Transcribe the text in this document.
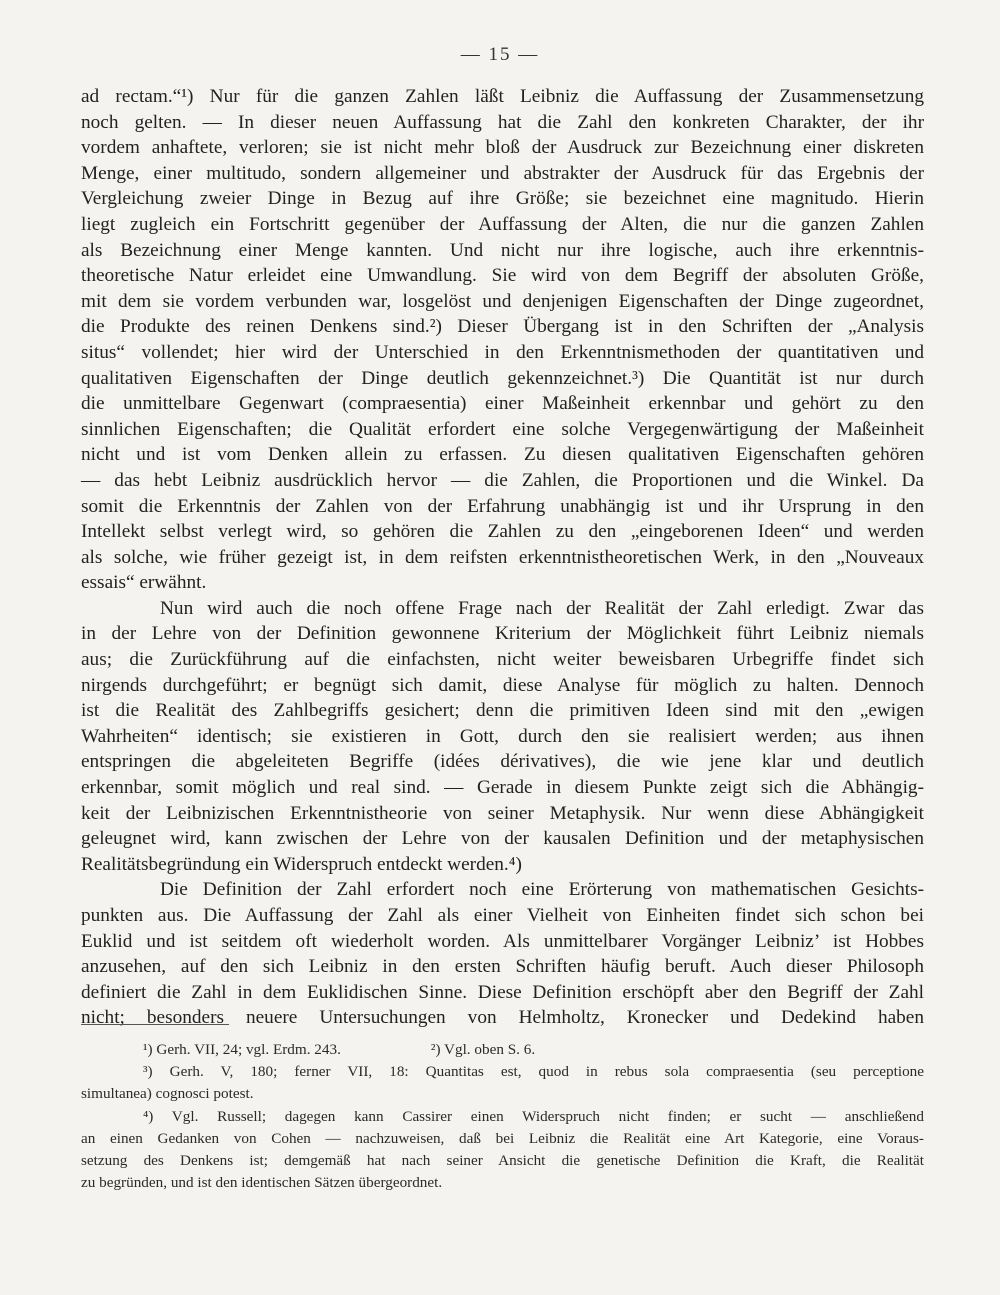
— 15 —
ad rectam.“¹) Nur für die ganzen Zahlen läßt Leibniz die Auffassung der Zusammensetzung
noch gelten. — In dieser neuen Auffassung hat die Zahl den konkreten Charakter, der ihr
vordem anhaftete, verloren; sie ist nicht mehr bloß der Ausdruck zur Bezeichnung einer diskreten
Menge, einer multitudo, sondern allgemeiner und abstrakter der Ausdruck für das Ergebnis der
Vergleichung zweier Dinge in Bezug auf ihre Größe; sie bezeichnet eine magnitudo. Hierin
liegt zugleich ein Fortschritt gegenüber der Auffassung der Alten, die nur die ganzen Zahlen
als Bezeichnung einer Menge kannten. Und nicht nur ihre logische, auch ihre erkenntnis-
theoretische Natur erleidet eine Umwandlung. Sie wird von dem Begriff der absoluten Größe,
mit dem sie vordem verbunden war, losgelöst und denjenigen Eigenschaften der Dinge zugeordnet,
die Produkte des reinen Denkens sind.²) Dieser Übergang ist in den Schriften der „Analysis
situs“ vollendet; hier wird der Unterschied in den Erkenntnismethoden der quantitativen und
qualitativen Eigenschaften der Dinge deutlich gekennzeichnet.³) Die Quantität ist nur durch
die unmittelbare Gegenwart (compraesentia) einer Maßeinheit erkennbar und gehört zu den
sinnlichen Eigenschaften; die Qualität erfordert eine solche Vergegenwärtigung der Maßeinheit
nicht und ist vom Denken allein zu erfassen. Zu diesen qualitativen Eigenschaften gehören
— das hebt Leibniz ausdrücklich hervor — die Zahlen, die Proportionen und die Winkel. Da
somit die Erkenntnis der Zahlen von der Erfahrung unabhängig ist und ihr Ursprung in den
Intellekt selbst verlegt wird, so gehören die Zahlen zu den „eingeborenen Ideen“ und werden
als solche, wie früher gezeigt ist, in dem reifsten erkenntnistheoretischen Werk, in den „Nouveaux
essais“ erwähnt.
Nun wird auch die noch offene Frage nach der Realität der Zahl erledigt. Zwar das
in der Lehre von der Definition gewonnene Kriterium der Möglichkeit führt Leibniz niemals
aus; die Zurückführung auf die einfachsten, nicht weiter beweisbaren Urbegriffe findet sich
nirgends durchgeführt; er begnügt sich damit, diese Analyse für möglich zu halten. Dennoch
ist die Realität des Zahlbegriffs gesichert; denn die primitiven Ideen sind mit den „ewigen
Wahrheiten“ identisch; sie existieren in Gott, durch den sie realisiert werden; aus ihnen
entspringen die abgeleiteten Begriffe (idées dérivatives), die wie jene klar und deutlich
erkennbar, somit möglich und real sind. — Gerade in diesem Punkte zeigt sich die Abhängig-
keit der Leibnizischen Erkenntnistheorie von seiner Metaphysik. Nur wenn diese Abhängigkeit
geleugnet wird, kann zwischen der Lehre von der kausalen Definition und der metaphysischen
Realitätsbegründung ein Widerspruch entdeckt werden.⁴)
Die Definition der Zahl erfordert noch eine Erörterung von mathematischen Gesichts-
punkten aus. Die Auffassung der Zahl als einer Vielheit von Einheiten findet sich schon bei
Euklid und ist seitdem oft wiederholt worden. Als unmittelbarer Vorgänger Leibniz’ ist Hobbes
anzusehen, auf den sich Leibniz in den ersten Schriften häufig beruft. Auch dieser Philosoph
definiert die Zahl in dem Euklidischen Sinne. Diese Definition erschöpft aber den Begriff der Zahl
nicht; besonders neuere Untersuchungen von Helmholtz, Kronecker und Dedekind haben
¹) Gerh. VII, 24; vgl. Erdm. 243.	²) Vgl. oben S. 6.
³) Gerh. V, 180; ferner VII, 18: Quantitas est, quod in rebus sola compraesentia (seu perceptione
simultanea) cognosci potest.
⁴) Vgl. Russell; dagegen kann Cassirer einen Widerspruch nicht finden; er sucht — anschließend
an einen Gedanken von Cohen — nachzuweisen, daß bei Leibniz die Realität eine Art Kategorie, eine Voraus-
setzung des Denkens ist; demgemäß hat nach seiner Ansicht die genetische Definition die Kraft, die Realität
zu begründen, und ist den identischen Sätzen übergeordnet.
